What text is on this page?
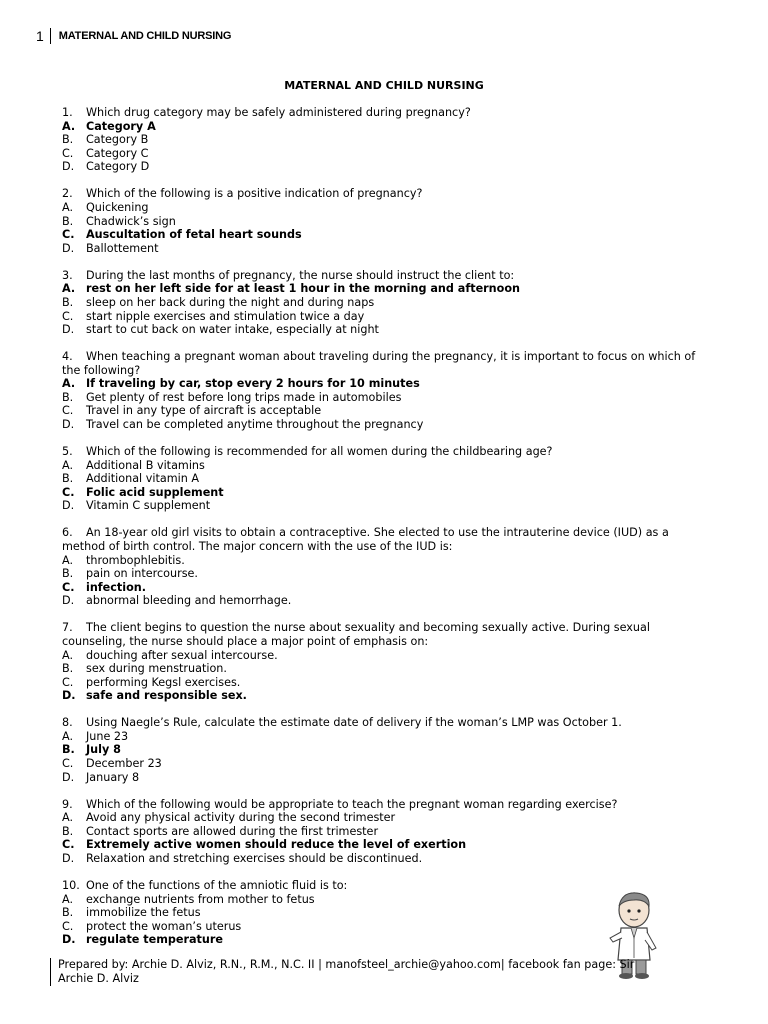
1 MATERNAL AND CHILD NURSING
MATERNAL AND CHILD NURSING
1.	Which drug category may be safely administered during pregnancy?
A. Category A
B.	Category B
C.	Category C
D.	Category D
2.	Which of the following is a positive indication of pregnancy?
A.	Quickening
B.	Chadwick’s sign
C.	Auscultation of fetal heart sounds
D.	Ballottement
3.	During the last months of pregnancy, the nurse should instruct the client to:
A. rest on her left side for at least 1 hour in the morning and afternoon
B.	sleep on her back during the night and during naps
C.	start nipple exercises and stimulation twice a day
D.	start to cut back on water intake, especially at night
4. When teaching a pregnant woman about traveling during the pregnancy, it is important to focus on which of the following?
A. If traveling by car, stop every 2 hours for 10 minutes
B.	Get plenty of rest before long trips made in automobiles
C.	Travel in any type of aircraft is acceptable
D.	Travel can be completed anytime throughout the pregnancy
5.	Which of the following is recommended for all women during the childbearing age?
A.	Additional B vitamins
B.	Additional vitamin A
C.	Folic acid supplement
D.	Vitamin C supplement
6. An 18-year old girl visits to obtain a contraceptive. She elected to use the intrauterine device (IUD) as a method of birth control. The major concern with the use of the IUD is:
A.	thrombophlebitis.
B.	pain on intercourse.
C.	infection.
D.	abnormal bleeding and hemorrhage.
7. The client begins to question the nurse about sexuality and becoming sexually active. During sexual counseling, the nurse should place a major point of emphasis on:
A.	douching after sexual intercourse.
B.	sex during menstruation.
C.	performing Kegsl exercises.
D. safe and responsible sex.
8.	Using Naegle’s Rule, calculate the estimate date of delivery if the woman’s LMP was October 1.
A.	June 23
B.	July 8
C.	December 23
D.	January 8
9.	Which of the following would be appropriate to teach the pregnant woman regarding exercise?
A.	Avoid any physical activity during the second trimester
B.	Contact sports are allowed during the first trimester
C.	Extremely active women should reduce the level of exertion
D.	Relaxation and stretching exercises should be discontinued.
10. One of the functions of the amniotic fluid is to:
A.	exchange nutrients from mother to fetus
B.	immobilize the fetus
C.	protect the woman’s uterus
D. regulate temperature
Prepared by: Archie D. Alviz, R.N., R.M., N.C. II | manofsteel_archie@yahoo.com| facebook fan page: Sir
Archie D. Alviz
